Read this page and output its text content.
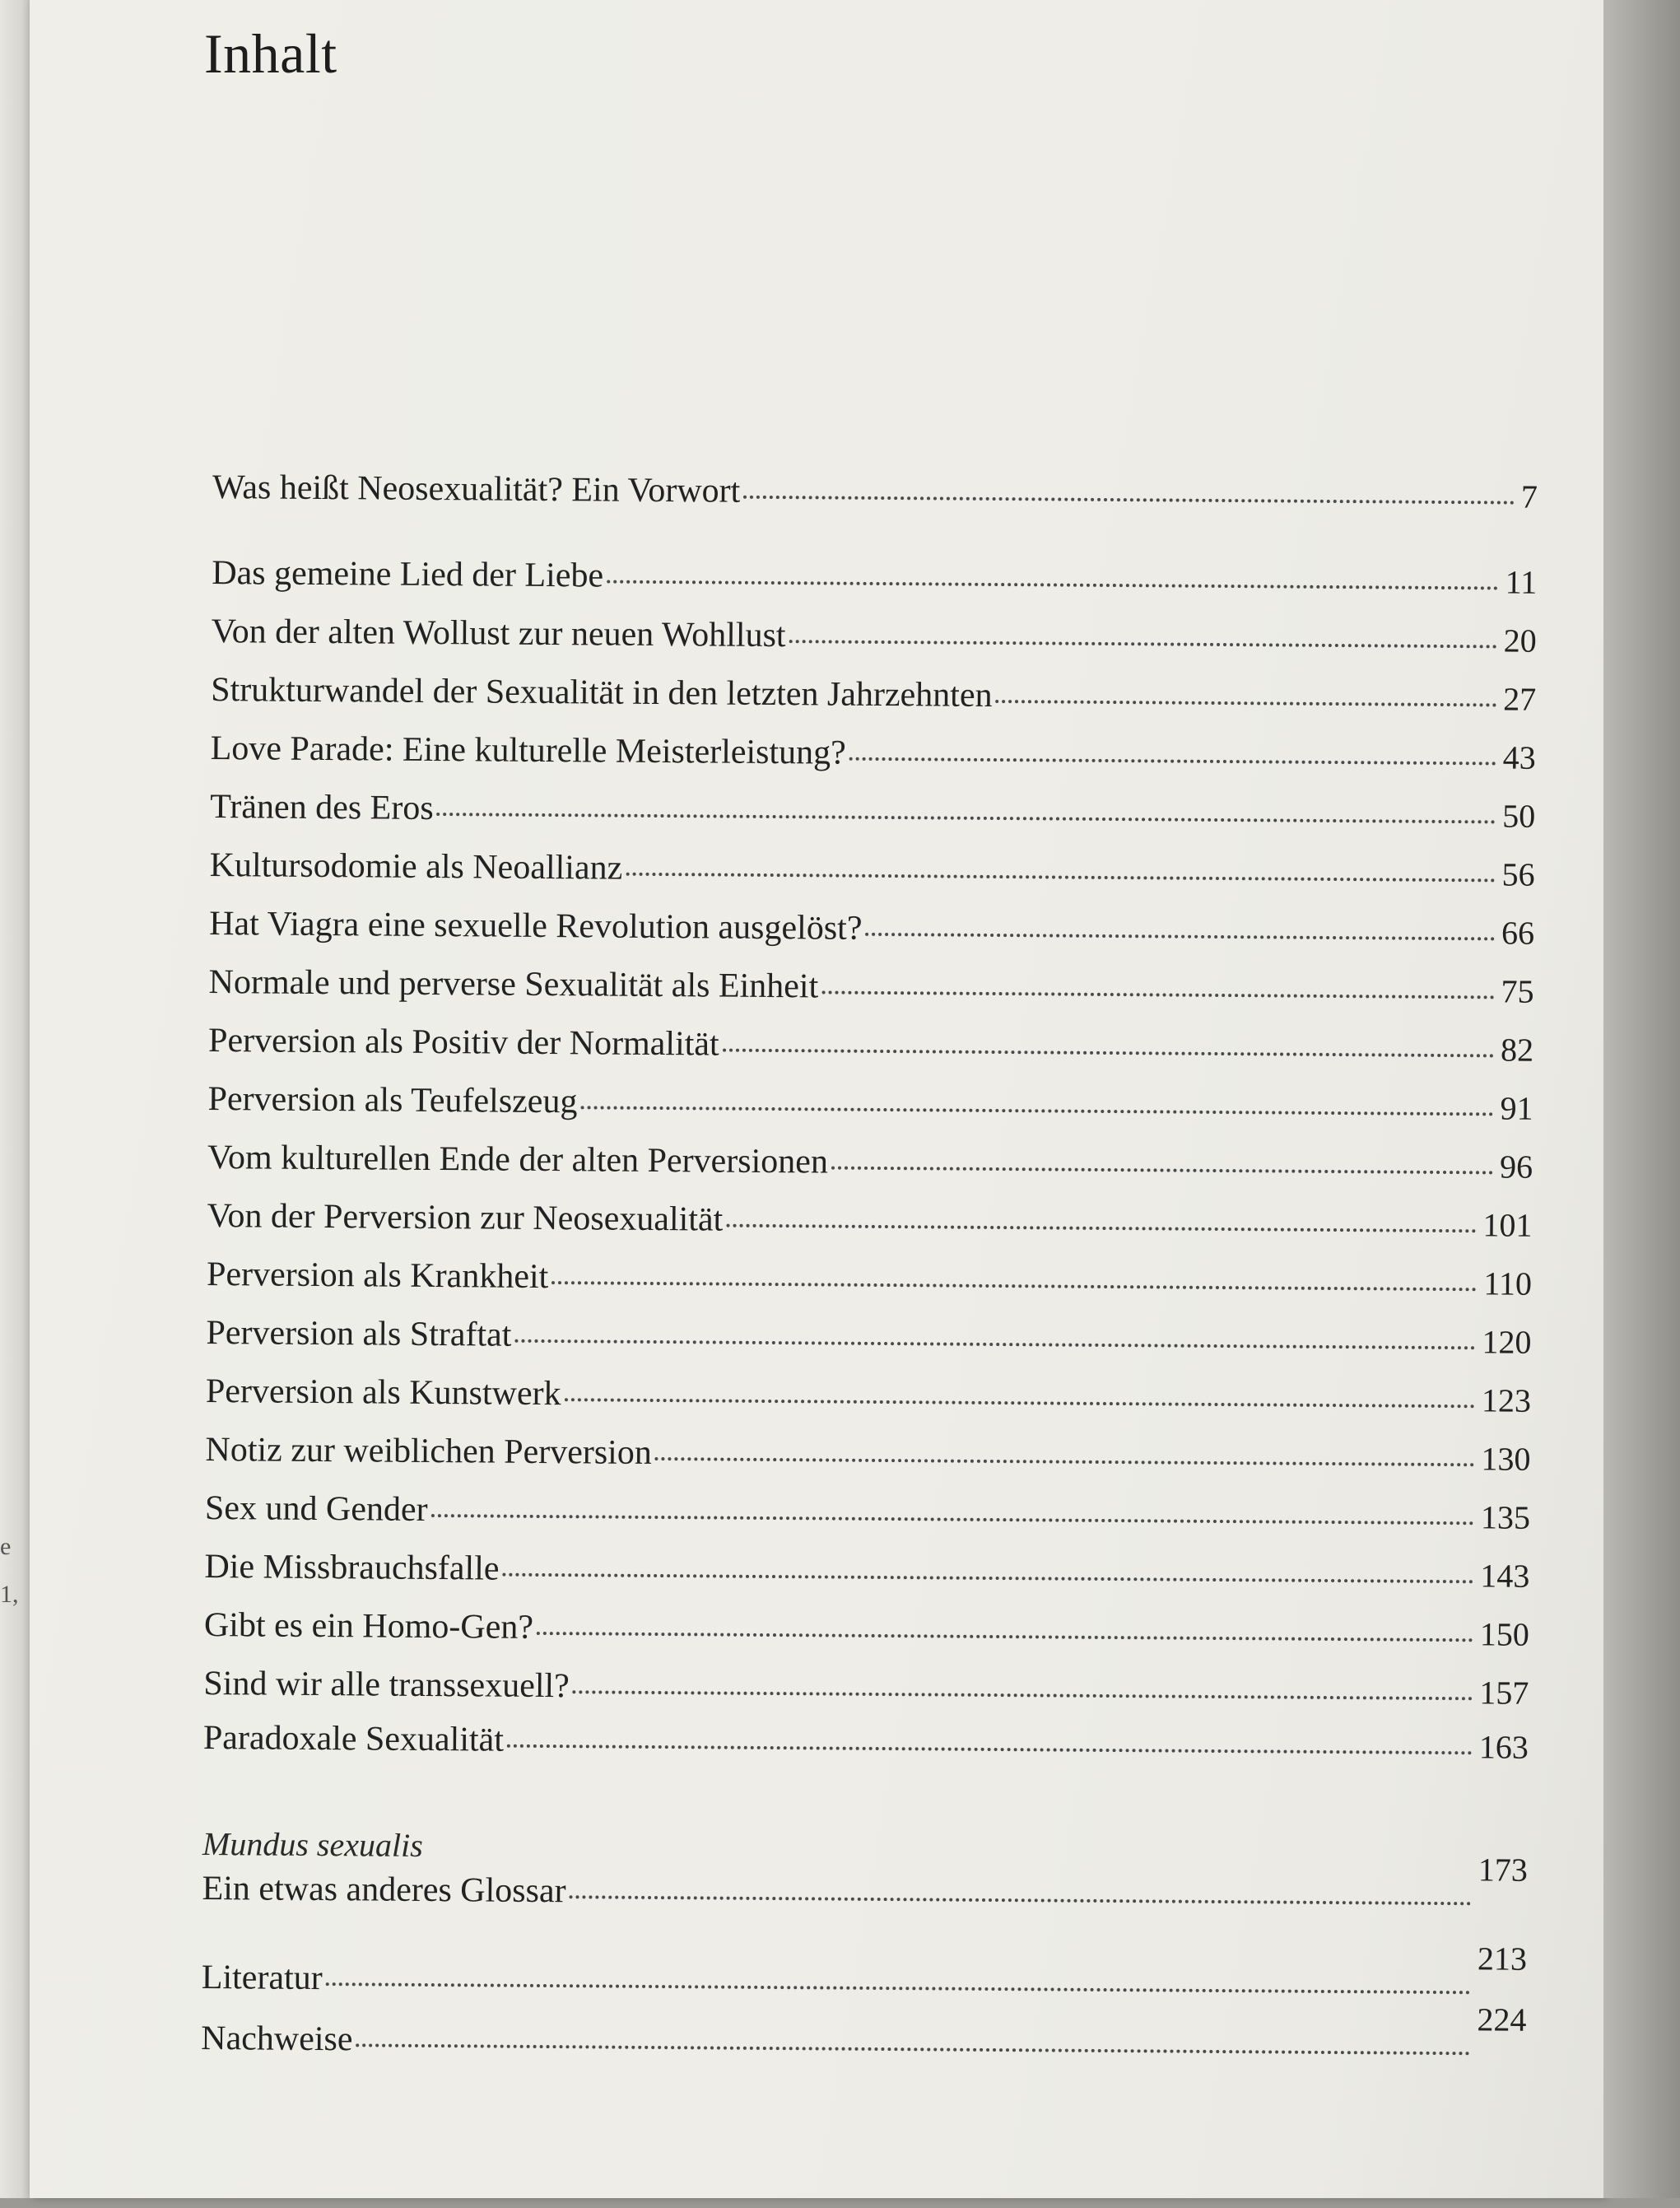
e
1,
Inhalt
Was heißt Neosexualität? Ein Vorwort	7
Das gemeine Lied der Liebe	11
Von der alten Wollust zur neuen Wohllust	20
Strukturwandel der Sexualität in den letzten Jahrzehnten	27
Love Parade: Eine kulturelle Meisterleistung?	43
Tränen des Eros	50
Kultursodomie als Neoallianz	56
Hat Viagra eine sexuelle Revolution ausgelöst?	66
Normale und perverse Sexualität als Einheit	75
Perversion als Positiv der Normalität	82
Perversion als Teufelszeug	91
Vom kulturellen Ende der alten Perversionen	96
Von der Perversion zur Neosexualität	101
Perversion als Krankheit	110
Perversion als Straftat	120
Perversion als Kunstwerk	123
Notiz zur weiblichen Perversion	130
Sex und Gender	135
Die Missbrauchsfalle	143
Gibt es ein Homo-Gen?	150
Sind wir alle transsexuell?	157
Paradoxale Sexualität	163
Mundus sexualis
Ein etwas anderes Glossar	173
Literatur	213
Nachweise	224
